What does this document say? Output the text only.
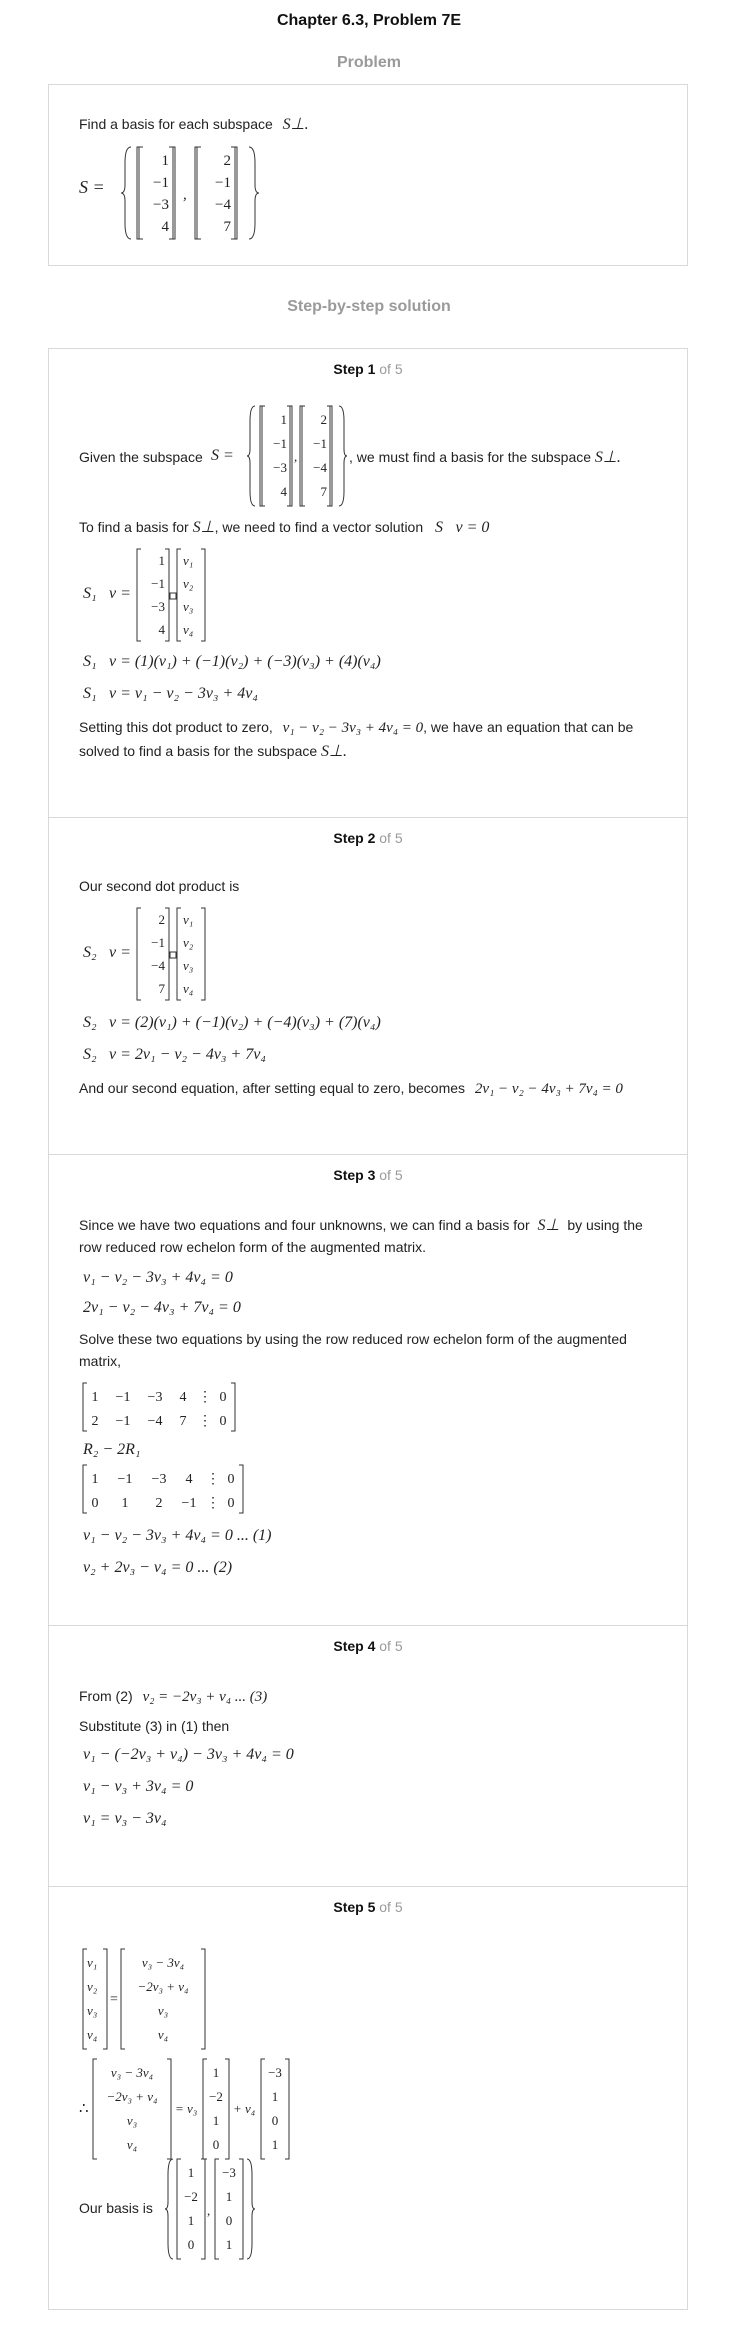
Chapter 6.3, Problem 7E
Problem
Find a basis for each subspace S⊥.
S =
1
−1
−3
4
2
−1
−4
7
,
Step-by-step solution
Step 1 of 5
Given the subspace S =
1
−1
−3
4
2
−1
−4
7
,	, we must find a basis for the subspace S⊥.
To find a basis for S⊥, we need to find a vector solution S⃗v = 0
S₁⃗v =
1
−1
−3
4
v₁
v₂
v₃
v₄
S₁⃗v = (1)(v₁) + (−1)(v₂) + (−3)(v₃) + (4)(v₄)
S₁⃗v = v₁ − v₂ − 3v₃ + 4v₄
Setting this dot product to zero, v₁ − v₂ − 3v₃ + 4v₄ = 0, we have an equation that can be
solved to find a basis for the subspace S⊥.
Step 2 of 5
Our second dot product is
S₂⃗v =
2
−1
−4
7
v₁
v₂
v₃
v₄
S₂⃗v = (2)(v₁) + (−1)(v₂) + (−4)(v₃) + (7)(v₄)
S₂⃗v = 2v₁ − v₂ − 4v₃ + 7v₄
And our second equation, after setting equal to zero, becomes 2v₁ − v₂ − 4v₃ + 7v₄ = 0
Step 3 of 5
Since we have two equations and four unknowns, we can find a basis for S⊥ by using the
row reduced row echelon form of the augmented matrix.
v₁ − v₂ − 3v₃ + 4v₄ = 0
2v₁ − v₂ − 4v₃ + 7v₄ = 0
Solve these two equations by using the row reduced row echelon form of the augmented
matrix,
1 −1 −3 4 ⋮ 0
2 −1 −4 7 ⋮ 0
R₂ − 2R₁
1 −1 −3 4 ⋮ 0
0 1 2 −1 ⋮ 0
v₁ − v₂ − 3v₃ + 4v₄ = 0 ... (1)
v₂ + 2v₃ − v₄ = 0 ... (2)
Step 4 of 5
From (2) v₂ = −2v₃ + v₄ ... (3)
Substitute (3) in (1) then
v₁ − (−2v₃ + v₄) − 3v₃ + 4v₄ = 0
v₁ − v₃ + 3v₄ = 0
v₁ = v₃ − 3v₄
Step 5 of 5
v₁
v₂
v₃
v₄
=
v₃ − 3v₄
−2v₃ + v₄
v₃
v₄
∴
v₃ − 3v₄
−2v₃ + v₄
v₃
v₄
= v₃
1
−2
1
0
+ v₄
−3
1
0
1
Our basis is
1
−2
1
0
−3
1
0
1
,
